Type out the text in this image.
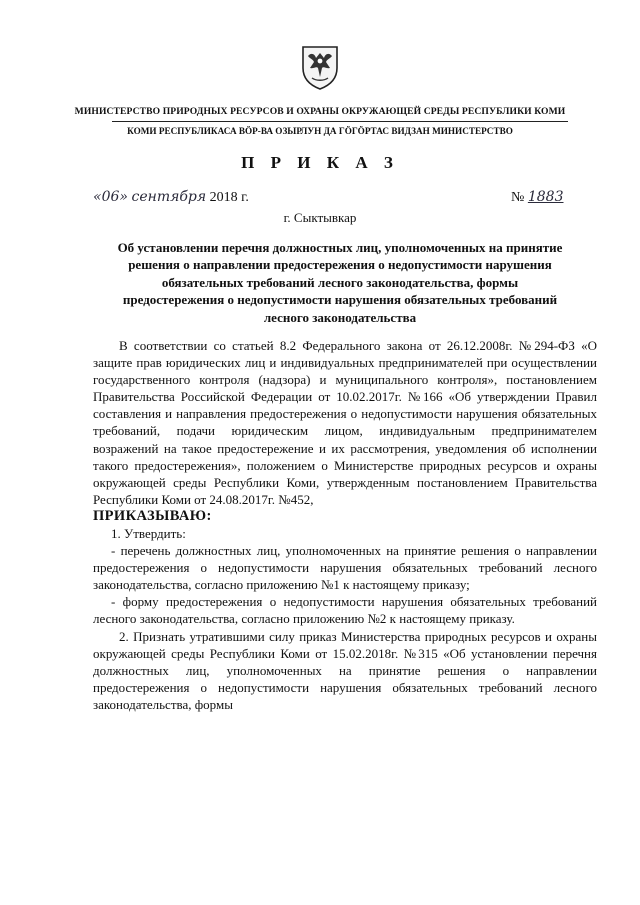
МИНИСТЕРСТВО ПРИРОДНЫХ РЕСУРСОВ И ОХРАНЫ ОКРУЖАЮЩЕЙ СРЕДЫ РЕСПУБЛИКИ КОМИ
КОМИ РЕСПУБЛИКАСА ВӦР-ВА ОЗЫРЛУН ДА ГӦГӦРТАС ВИДЗАН МИНИСТЕРСТВО
П Р И К А З
«06» сентября 2018 г.	№ 1883
г. Сыктывкар
Об установлении перечня должностных лиц, уполномоченных на принятие решения о направлении предостережения о недопустимости нарушения обязательных требований лесного законодательства, формы предостережения о недопустимости нарушения обязательных требований лесного законодательства

В соответствии со статьей 8.2 Федерального закона от 26.12.2008г. №294-ФЗ «О защите прав юридических лиц и индивидуальных предпринимателей при осуществлении государственного контроля (надзора) и муниципального контроля», постановлением Правительства Российской Федерации от 10.02.2017г. №166 «Об утверждении Правил составления и направления предостережения о недопустимости нарушения обязательных требований, подачи юридическим лицом, индивидуальным предпринимателем возражений на такое предостережение и их рассмотрения, уведомления об исполнении такого предостережения», положением о Министерстве природных ресурсов и охраны окружающей среды Республики Коми, утвержденным постановлением Правительства Республики Коми от 24.08.2017г. №452,

ПРИКАЗЫВАЮ:

1. Утвердить:

- перечень должностных лиц, уполномоченных на принятие решения о направлении предостережения о недопустимости нарушения обязательных требований лесного законодательства, согласно приложению №1 к настоящему приказу;

- форму предостережения о недопустимости нарушения обязательных требований лесного законодательства, согласно приложению №2 к настоящему приказу.

2. Признать утратившими силу приказ Министерства природных ресурсов и охраны окружающей среды Республики Коми от 15.02.2018г. №315 «Об установлении перечня должностных лиц, уполномоченных на принятие решения о направлении предостережения о недопустимости нарушения обязательных требований лесного законодательства, формы
